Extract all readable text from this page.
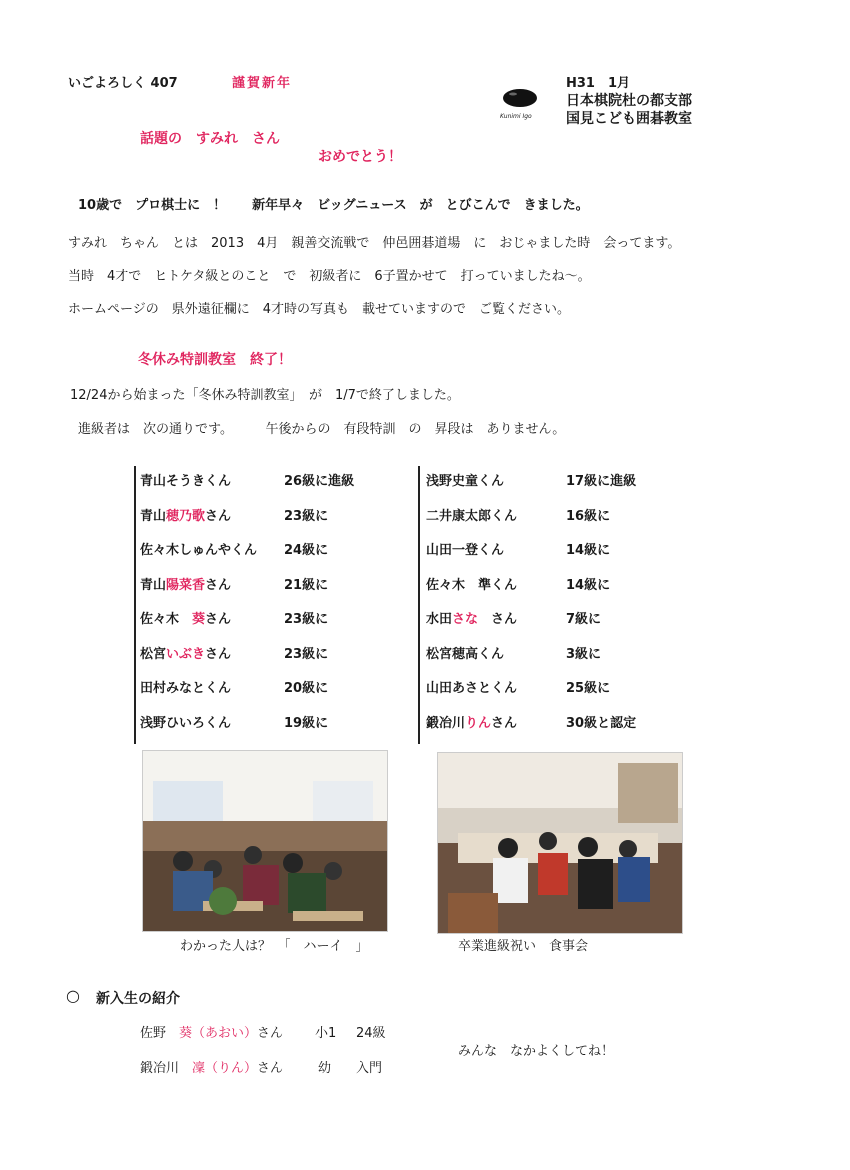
いごよろしく 407	謹賀新年
Kunimi Igo
H31　1月
日本棋院杜の都支部
国見こども囲碁教室
話題の　すみれ　さん
おめでとう！
10歳で　プロ棋士に　！　　新年早々　ビッグニュース　が　とびこんで　きました。
すみれ　ちゃん　とは　2013　4月　親善交流戦で　仲邑囲碁道場　に　おじゃました時　会ってます。
当時　4才で　ヒトケタ級とのこと　で　初級者に　6子置かせて　打っていましたね～。
ホームページの　県外遠征欄に　4才時の写真も　載せていますので　ご覧ください。
冬休み特訓教室　終了！
12/24から始まった「冬休み特訓教室」　が　1/7で終了しました。
進級者は　次の通りです。　　　午後からの　有段特訓　の　昇段は　ありません。
青山そうきくん	26級に進級
青山穂乃歌さん	23級に
佐々木しゅんやくん 24級に
青山陽菜香さん	21級に
佐々木　葵さん	23級に
松宮いぶきさん	23級に
田村みなとくん	20級に
浅野ひいろくん	19級に
浅野史童くん	17級に進級
二井康太郎くん	16級に
山田一登くん	14級に
佐々木　準くん	14級に
水田さな　さん	7級に
松宮穂高くん	3級に
山田あさとくん	25級に
鍛冶川りんさん	30級と認定
わかった人は？　「　ハーイ　」	卒業進級祝い　食事会
○ 新入生の紹介
佐野　葵（あおい）さん 小1 24級
鍛冶川　凜（りん）さん	幼 入門
みんな　なかよくしてね！
